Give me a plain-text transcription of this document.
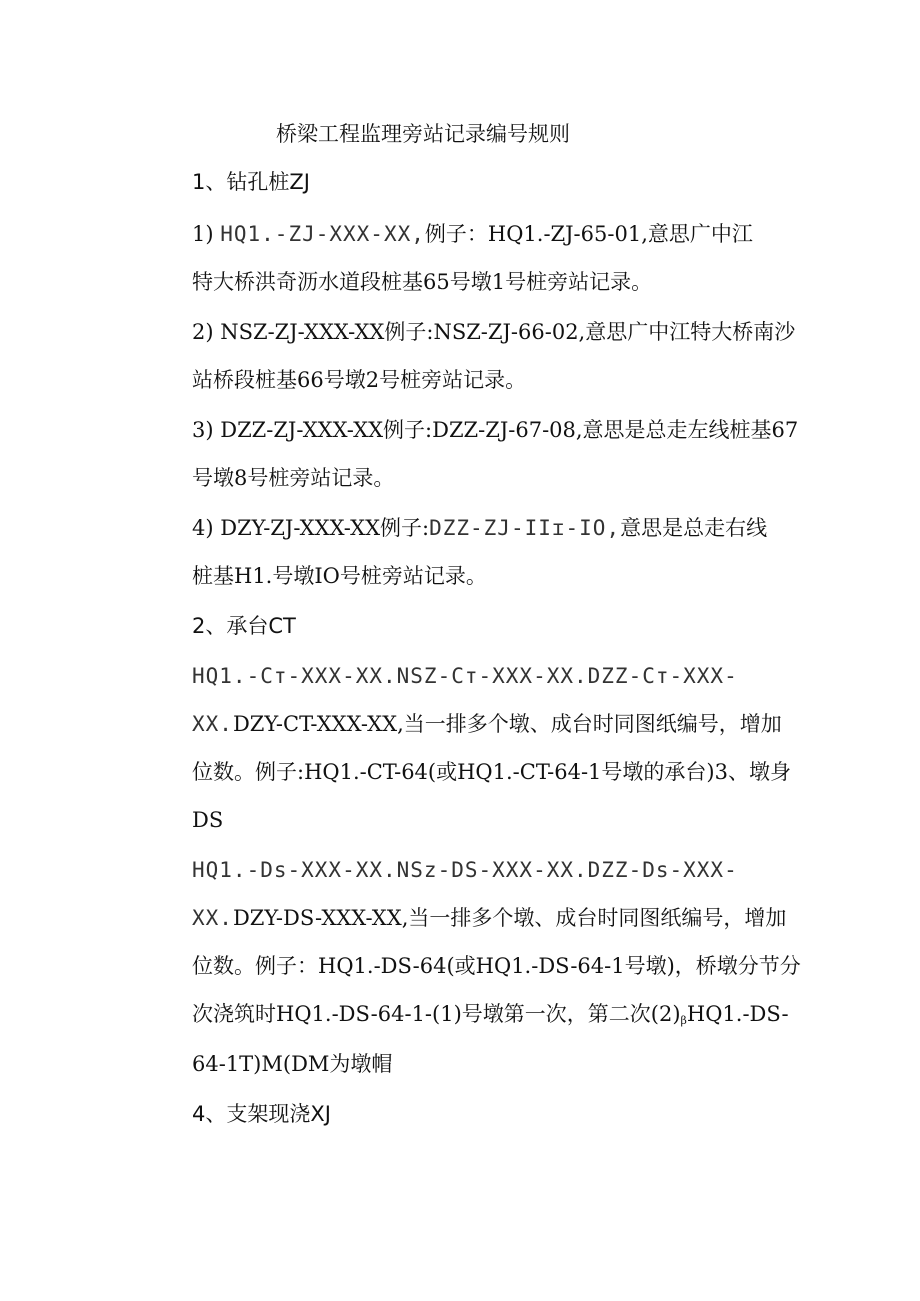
桥梁工程监理旁站记录编号规则
1、钻孔桩ZJ
1) HQ1.-ZJ-XXX-XX,例子：HQ1.-ZJ-65-01,意思广中江
特大桥洪奇沥水道段桩基65号墩1号桩旁站记录。
2) NSZ-ZJ-XXX-XX例子:NSZ-ZJ-66-02,意思广中江特大桥南沙
站桥段桩基66号墩2号桩旁站记录。
3) DZZ-ZJ-XXX-XX例子:DZZ-ZJ-67-08,意思是总走左线桩基67
号墩8号桩旁站记录。
4) DZY-ZJ-XXX-XX例子:DZZ-ZJ-IIɪ-IO,意思是总走右线
桩基H1.号墩IO号桩旁站记录。
2、承台CT
HQ1.-Cт-XXX-XX.NSZ-Cт-XXX-XX.DZZ-Cт-XXX-
XX.DZY-CT-XXX-XX,当一排多个墩、成台时同图纸编号，增加
位数。例子:HQ1.-CT-64(或HQ1.-CT-64-1号墩的承台)3、墩身
DS
HQ1.-Ds-XXX-XX.NSz-DS-XXX-XX.DZZ-Ds-XXX-
XX.DZY-DS-XXX-XX,当一排多个墩、成台时同图纸编号，增加
位数。例子：HQ1.-DS-64(或HQ1.-DS-64-1号墩)，桥墩分节分
次浇筑时HQ1.-DS-64-1-(1)号墩第一次，第二次$(2)_\beta HQ1.-DS-$
64-1T)M(DM为墩帽
4、支架现浇XJ
